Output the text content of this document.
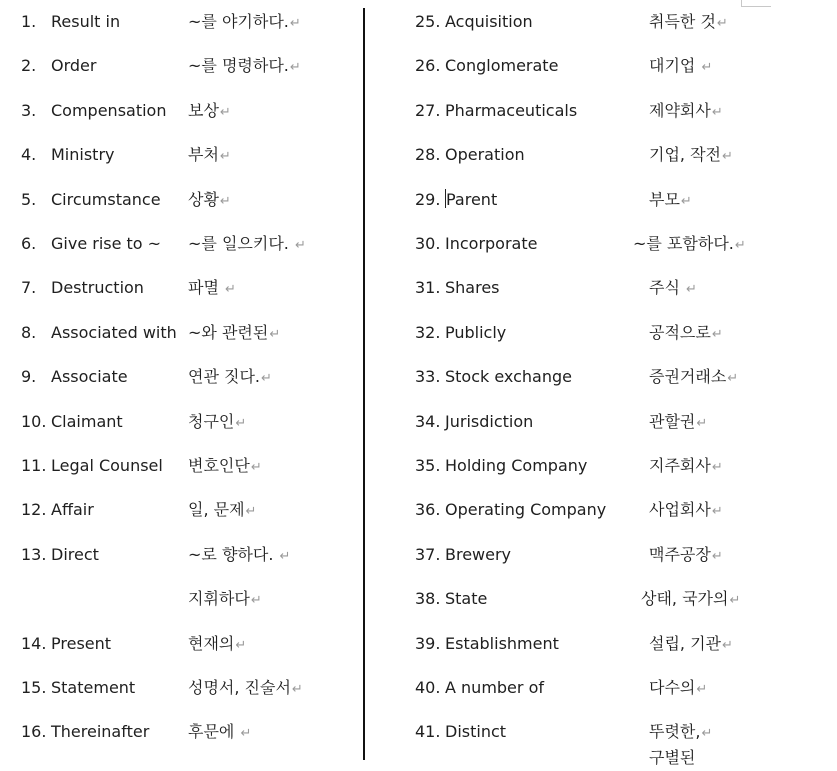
1. Result in	~를 야기하다.↵
2. Order	~를 명령하다.↵
3. Compensation 보상↵
4. Ministry	부처↵
5. Circumstance 상황↵
6. Give rise to ~ ~를 일으키다. ↵
7. Destruction	파멸 ↵
8. Associated with ~와 관련된↵
9. Associate	연관 짓다.↵
10. Claimant	청구인↵
11. Legal Counsel 변호인단↵
12. Affair	일, 문제↵
13. Direct	~로 향하다. ↵
지휘하다↵
14. Present	현재의↵
15. Statement	성명서, 진술서↵
16. Thereinafter 후문에 ↵
25. Acquisition	취득한 것↵
26. Conglomerate	대기업 ↵
27. Pharmaceuticals	제약회사↵
28. Operation	기업, 작전↵
29. Parent	부모↵
30. Incorporate	~를 포함하다.↵
31. Shares	주식 ↵
32. Publicly	공적으로↵
33. Stock exchange	증권거래소↵
34. Jurisdiction	관할권↵
35. Holding Company	지주회사↵
36. Operating Company	사업회사↵
37. Brewery	맥주공장↵
38. State	상태, 국가의↵
39. Establishment	설립, 기관↵
40. A number of	다수의↵
41. Distinct	뚜렷한,↵
구별된
